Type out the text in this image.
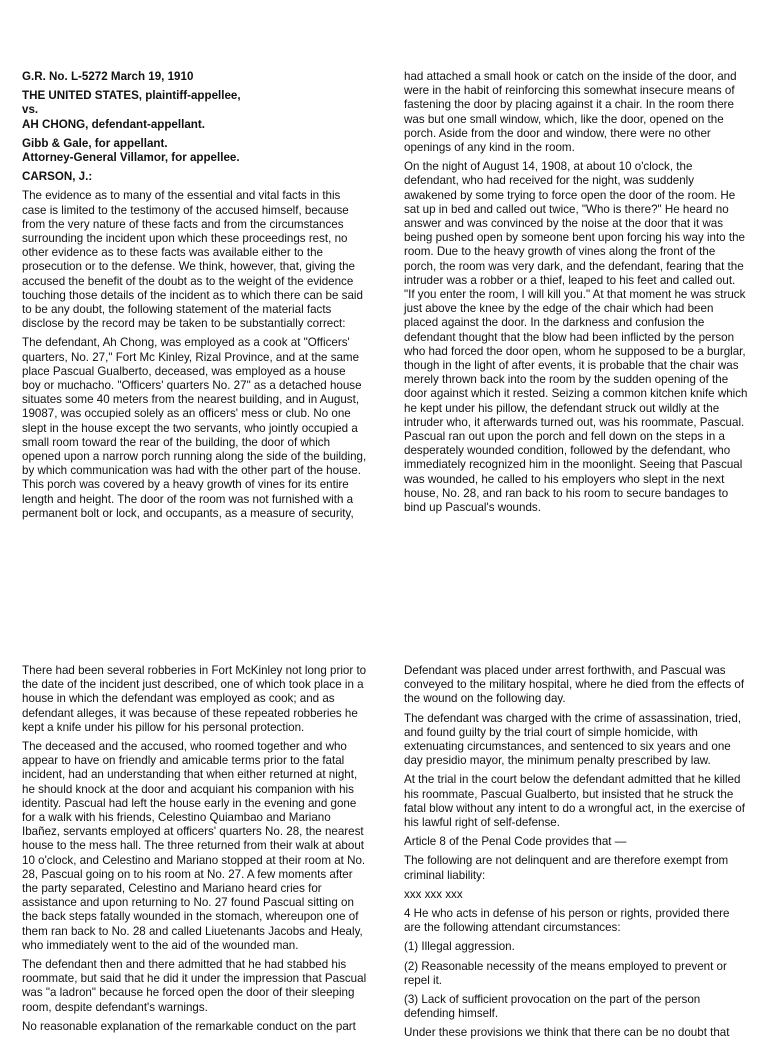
G.R. No. L-5272 March 19, 1910

THE UNITED STATES, plaintiff-appellee,

vs.

AH CHONG, defendant-appellant.

Gibb & Gale, for appellant.

Attorney-General Villamor, for appellee.

CARSON, J.:

The evidence as to many of the essential and vital facts in this case is limited to the testimony of the accused himself, because from the very nature of these facts and from the circumstances surrounding the incident upon which these proceedings rest, no other evidence as to these facts was available either to the prosecution or to the defense. We think, however, that, giving the accused the benefit of the doubt as to the weight of the evidence touching those details of the incident as to which there can be said to be any doubt, the following statement of the material facts disclose by the record may be taken to be substantially correct:

The defendant, Ah Chong, was employed as a cook at "Officers' quarters, No. 27," Fort Mc Kinley, Rizal Province, and at the same place Pascual Gualberto, deceased, was employed as a house boy or muchacho. "Officers' quarters No. 27" as a detached house situates some 40 meters from the nearest building, and in August, 19087, was occupied solely as an officers' mess or club. No one slept in the house except the two servants, who jointly occupied a small room toward the rear of the building, the door of which opened upon a narrow porch running along the side of the building, by which communication was had with the other part of the house. This porch was covered by a heavy growth of vines for its entire length and height. The door of the room was not furnished with a permanent bolt or lock, and occupants, as a measure of security,

had attached a small hook or catch on the inside of the door, and were in the habit of reinforcing this somewhat insecure means of fastening the door by placing against it a chair. In the room there was but one small window, which, like the door, opened on the porch. Aside from the door and window, there were no other openings of any kind in the room.

On the night of August 14, 1908, at about 10 o'clock, the defendant, who had received for the night, was suddenly awakened by some trying to force open the door of the room. He sat up in bed and called out twice, "Who is there?" He heard no answer and was convinced by the noise at the door that it was being pushed open by someone bent upon forcing his way into the room. Due to the heavy growth of vines along the front of the porch, the room was very dark, and the defendant, fearing that the intruder was a robber or a thief, leaped to his feet and called out. "If you enter the room, I will kill you." At that moment he was struck just above the knee by the edge of the chair which had been placed against the door. In the darkness and confusion the defendant thought that the blow had been inflicted by the person who had forced the door open, whom he supposed to be a burglar, though in the light of after events, it is probable that the chair was merely thrown back into the room by the sudden opening of the door against which it rested. Seizing a common kitchen knife which he kept under his pillow, the defendant struck out wildly at the intruder who, it afterwards turned out, was his roommate, Pascual. Pascual ran out upon the porch and fell down on the steps in a desperately wounded condition, followed by the defendant, who immediately recognized him in the moonlight. Seeing that Pascual was wounded, he called to his employers who slept in the next house, No. 28, and ran back to his room to secure bandages to bind up Pascual's wounds.

There had been several robberies in Fort McKinley not long prior to the date of the incident just described, one of which took place in a house in which the defendant was employed as cook; and as defendant alleges, it was because of these repeated robberies he kept a knife under his pillow for his personal protection.

The deceased and the accused, who roomed together and who appear to have on friendly and amicable terms prior to the fatal incident, had an understanding that when either returned at night, he should knock at the door and acquiant his companion with his identity. Pascual had left the house early in the evening and gone for a walk with his friends, Celestino Quiambao and Mariano Ibañez, servants employed at officers' quarters No. 28, the nearest house to the mess hall. The three returned from their walk at about 10 o'clock, and Celestino and Mariano stopped at their room at No. 28, Pascual going on to his room at No. 27. A few moments after the party separated, Celestino and Mariano heard cries for assistance and upon returning to No. 27 found Pascual sitting on the back steps fatally wounded in the stomach, whereupon one of them ran back to No. 28 and called Liuetenants Jacobs and Healy, who immediately went to the aid of the wounded man.

The defendant then and there admitted that he had stabbed his roommate, but said that he did it under the impression that Pascual was "a ladron" because he forced open the door of their sleeping room, despite defendant's warnings.

No reasonable explanation of the remarkable conduct on the part

Defendant was placed under arrest forthwith, and Pascual was conveyed to the military hospital, where he died from the effects of the wound on the following day.

The defendant was charged with the crime of assassination, tried, and found guilty by the trial court of simple homicide, with extenuating circumstances, and sentenced to six years and one day presidio mayor, the minimum penalty prescribed by law.

At the trial in the court below the defendant admitted that he killed his roommate, Pascual Gualberto, but insisted that he struck the fatal blow without any intent to do a wrongful act, in the exercise of his lawful right of self-defense.

Article 8 of the Penal Code provides that —

The following are not delinquent and are therefore exempt from criminal liability:

xxx xxx xxx

4 He who acts in defense of his person or rights, provided there are the following attendant circumstances:

(1) Illegal aggression.

(2) Reasonable necessity of the means employed to prevent or repel it.

(3) Lack of sufficient provocation on the part of the person defending himself.

Under these provisions we think that there can be no doubt that
